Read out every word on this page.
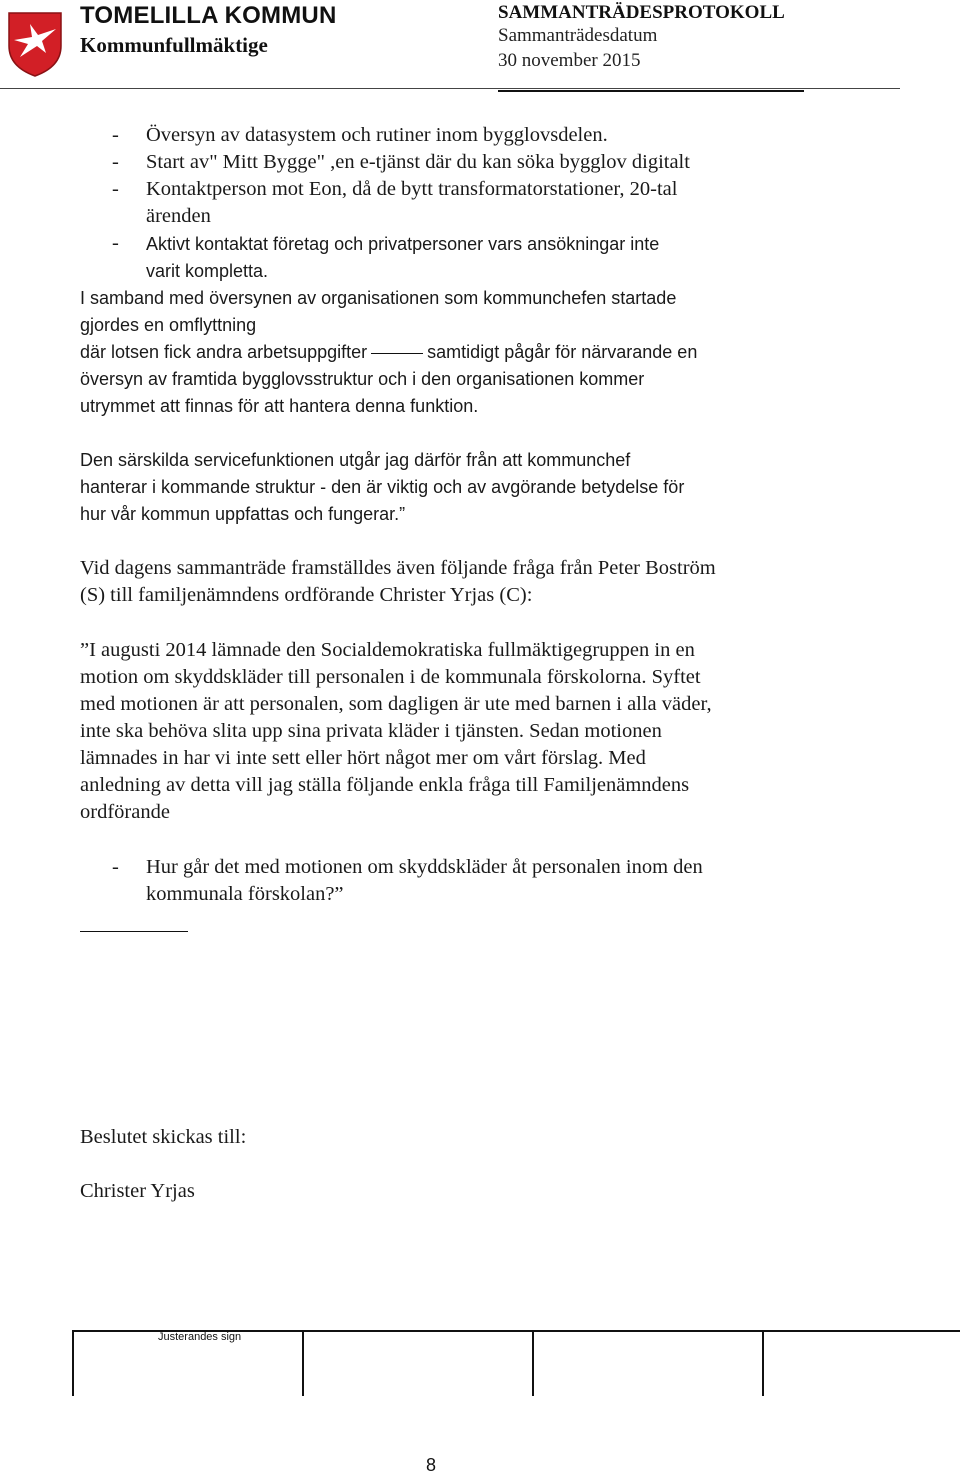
TOMELILLA KOMMUN
Kommunfullmäktige
SAMMANTRÄDESPROTOKOLL
Sammanträdesdatum
30 november 2015
- Översyn av datasystem och rutiner inom bygglovsdelen.
- Start av" Mitt Bygge" ,en e-tjänst där du kan söka bygglov digitalt
- Kontaktperson mot Eon, då de bytt transformatorstationer, 20-tal
ärenden
- Aktivt kontaktat företag och privatpersoner vars ansökningar inte
varit kompletta.
I samband med översynen av organisationen som kommunchefen startade
gjordes en omflyttning
där lotsen fick andra arbetsuppgifter	samtidigt pågår för närvarande en
översyn av framtida bygglovsstruktur och i den organisationen kommer
utrymmet att finnas för att hantera denna funktion.
Den särskilda servicefunktionen utgår jag därför från att kommunchef
hanterar i kommande struktur - den är viktig och av avgörande betydelse för
hur vår kommun uppfattas och fungerar.”
Vid dagens sammanträde framställdes även följande fråga från Peter Boström
(S) till familjenämndens ordförande Christer Yrjas (C):
”I augusti 2014 lämnade den Socialdemokratiska fullmäktigegruppen in en
motion om skyddskläder till personalen i de kommunala förskolorna. Syftet
med motionen är att personalen, som dagligen är ute med barnen i alla väder,
inte ska behöva slita upp sina privata kläder i tjänsten. Sedan motionen
lämnades in har vi inte sett eller hört något mer om vårt förslag. Med
anledning av detta vill jag ställa följande enkla fråga till Familjenämndens
ordförande
- Hur går det med motionen om skyddskläder åt personalen inom den
kommunala förskolan?”
Beslutet skickas till:
Christer Yrjas
Justerandes sign
8
